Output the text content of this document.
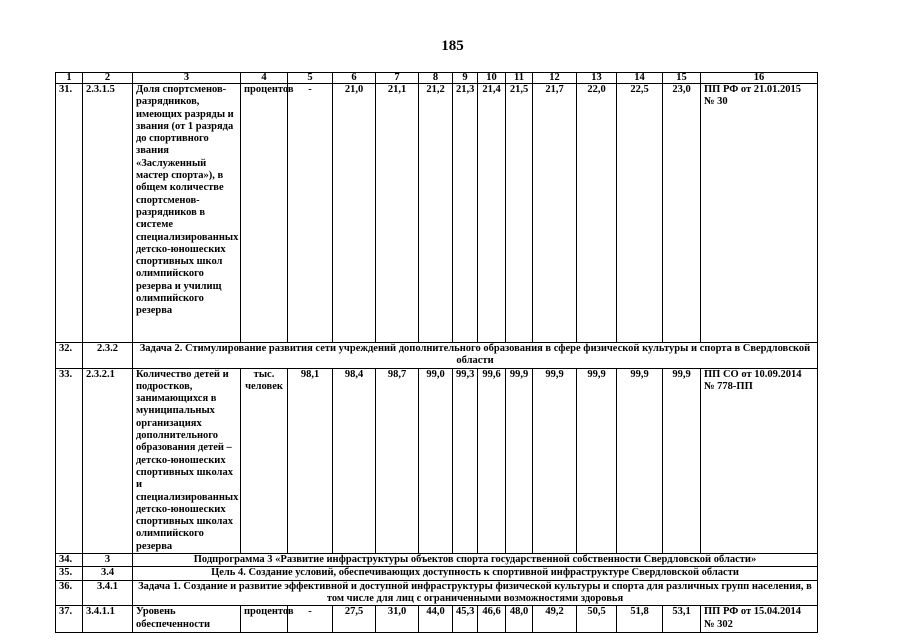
185
1	2	3	4	5	6	7	8	9	10	11	12	13	14	15	16
31.	2.3.1.5	Доля спортсменов-разрядников, имеющих разряды и звания (от 1 разряда до спортивного звания «Заслуженный мастер спорта»), в общем количестве спортсменов-разрядников в системе специализированных детско-юношеских спортивных школ олимпийского резерва и училищ олимпийского резерва	процентов	-	21,0	21,1	21,2	21,3	21,4	21,5	21,7	22,0	22,5	23,0	ПП РФ от 21.01.2015 № 30
32.	2.3.2	Задача 2. Стимулирование развития сети учреждений дополнительного образования в сфере физической культуры и спорта в Свердловской области													
33.	2.3.2.1	Количество детей и подростков, занимающихся в муниципальных организациях дополнительного образования детей – детско-юношеских спортивных школах и специализированных детско-юношеских спортивных школах олимпийского резерва	тыс. человек	98,1	98,4	98,7	99,0	99,3	99,6	99,9	99,9	99,9	99,9	99,9	ПП СО от 10.09.2014 № 778-ПП
34.	3	Подпрограмма 3 «Развитие инфраструктуры объектов спорта государственной собственности Свердловской области»													
35.	3.4	Цель 4. Создание условий, обеспечивающих доступность к спортивной инфраструктуре Свердловской области													
36.	3.4.1	Задача 1. Создание и развитие эффективной и доступной инфраструктуры физической культуры и спорта для различных групп населения, в том числе для лиц с ограниченными возможностями здоровья													
37.	3.4.1.1	Уровень обеспеченности	процентов	-	27,5	31,0	44,0	45,3	46,6	48,0	49,2	50,5	51,8	53,1	ПП РФ от 15.04.2014 № 302
